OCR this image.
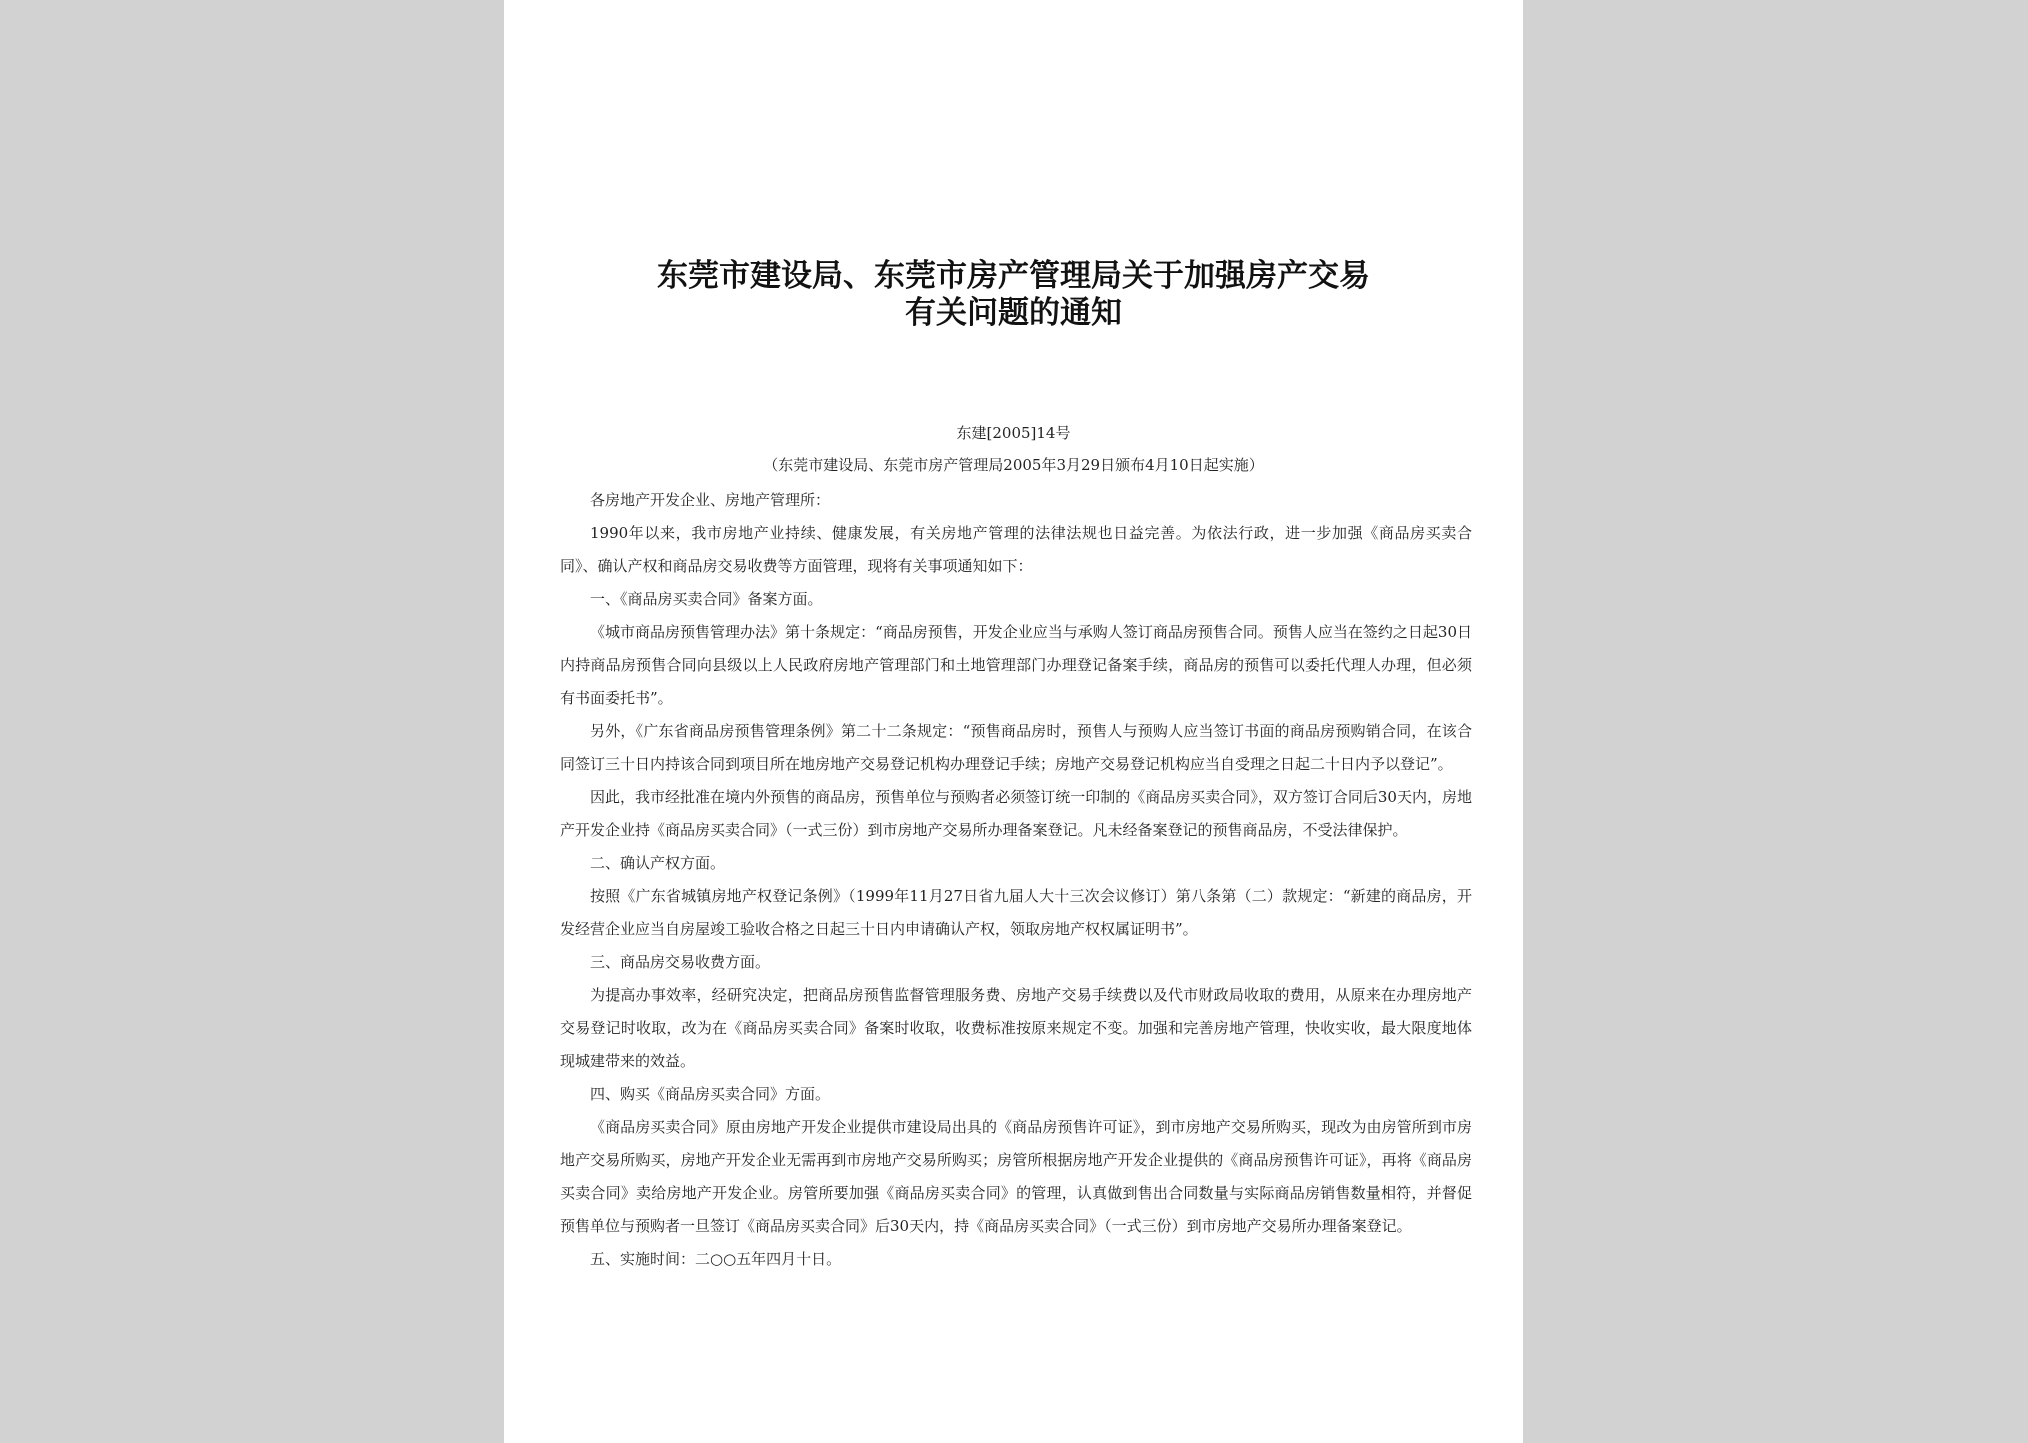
东莞市建设局、东莞市房产管理局关于加强房产交易
有关问题的通知
东建[2005]14号
（东莞市建设局、东莞市房产管理局2005年3月29日颁布4月10日起实施）

各房地产开发企业、房地产管理所：

1990年以来，我市房地产业持续、健康发展，有关房地产管理的法律法规也日益完善。为依法行政，进一步加强《商品房买卖合同》、确认产权和商品房交易收费等方面管理，现将有关事项通知如下：

一、《商品房买卖合同》备案方面。

《城市商品房预售管理办法》第十条规定：“商品房预售，开发企业应当与承购人签订商品房预售合同。预售人应当在签约之日起30日内持商品房预售合同向县级以上人民政府房地产管理部门和土地管理部门办理登记备案手续，商品房的预售可以委托代理人办理，但必须有书面委托书”。

另外，《广东省商品房预售管理条例》第二十二条规定：“预售商品房时，预售人与预购人应当签订书面的商品房预购销合同，在该合同签订三十日内持该合同到项目所在地房地产交易登记机构办理登记手续；房地产交易登记机构应当自受理之日起二十日内予以登记”。

因此，我市经批准在境内外预售的商品房，预售单位与预购者必须签订统一印制的《商品房买卖合同》，双方签订合同后30天内，房地产开发企业持《商品房买卖合同》（一式三份）到市房地产交易所办理备案登记。凡未经备案登记的预售商品房，不受法律保护。

二、确认产权方面。

按照《广东省城镇房地产权登记条例》（1999年11月27日省九届人大十三次会议修订）第八条第（二）款规定：“新建的商品房，开发经营企业应当自房屋竣工验收合格之日起三十日内申请确认产权，领取房地产权权属证明书”。

三、商品房交易收费方面。

为提高办事效率，经研究决定，把商品房预售监督管理服务费、房地产交易手续费以及代市财政局收取的费用，从原来在办理房地产交易登记时收取，改为在《商品房买卖合同》备案时收取，收费标准按原来规定不变。加强和完善房地产管理，快收实收，最大限度地体现城建带来的效益。

四、购买《商品房买卖合同》方面。

《商品房买卖合同》原由房地产开发企业提供市建设局出具的《商品房预售许可证》，到市房地产交易所购买，现改为由房管所到市房地产交易所购买，房地产开发企业无需再到市房地产交易所购买；房管所根据房地产开发企业提供的《商品房预售许可证》，再将《商品房买卖合同》卖给房地产开发企业。房管所要加强《商品房买卖合同》的管理，认真做到售出合同数量与实际商品房销售数量相符，并督促预售单位与预购者一旦签订《商品房买卖合同》后30天内，持《商品房买卖合同》（一式三份）到市房地产交易所办理备案登记。

五、实施时间：二○○五年四月十日。
